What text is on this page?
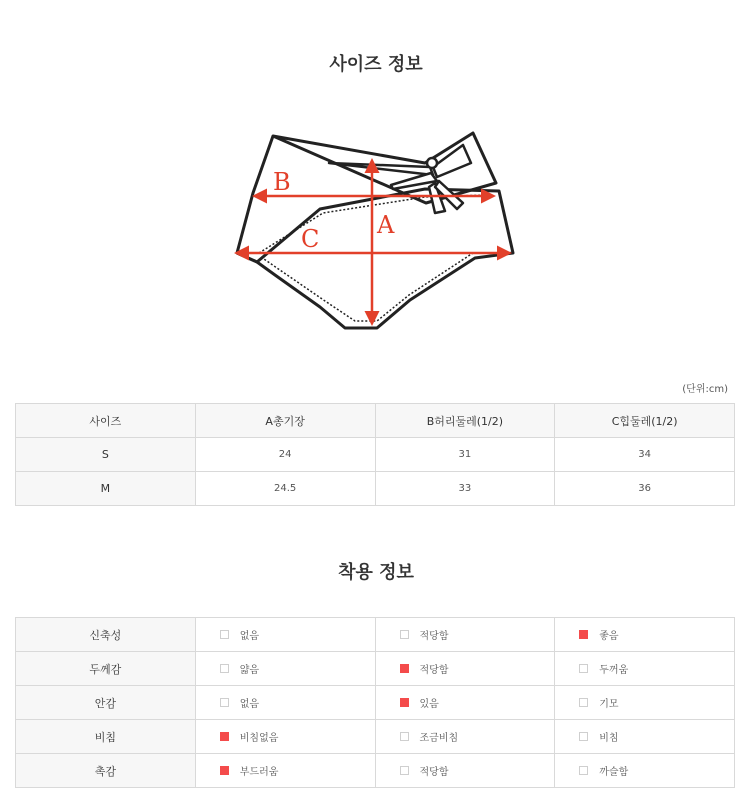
사이즈 정보
A
B
C
(단위:cm)
사이즈	A총기장	B허리둘레(1/2)	C힙둘레(1/2)
S	24	31	34
M	24.5	33	36
착용 정보
신축성	없음	적당함	좋음
두께감	얇음	적당함	두꺼움
안감	없음	있음	기모
비침	비침없음	조금비침	비침
촉감	부드러움	적당함	까슬함
